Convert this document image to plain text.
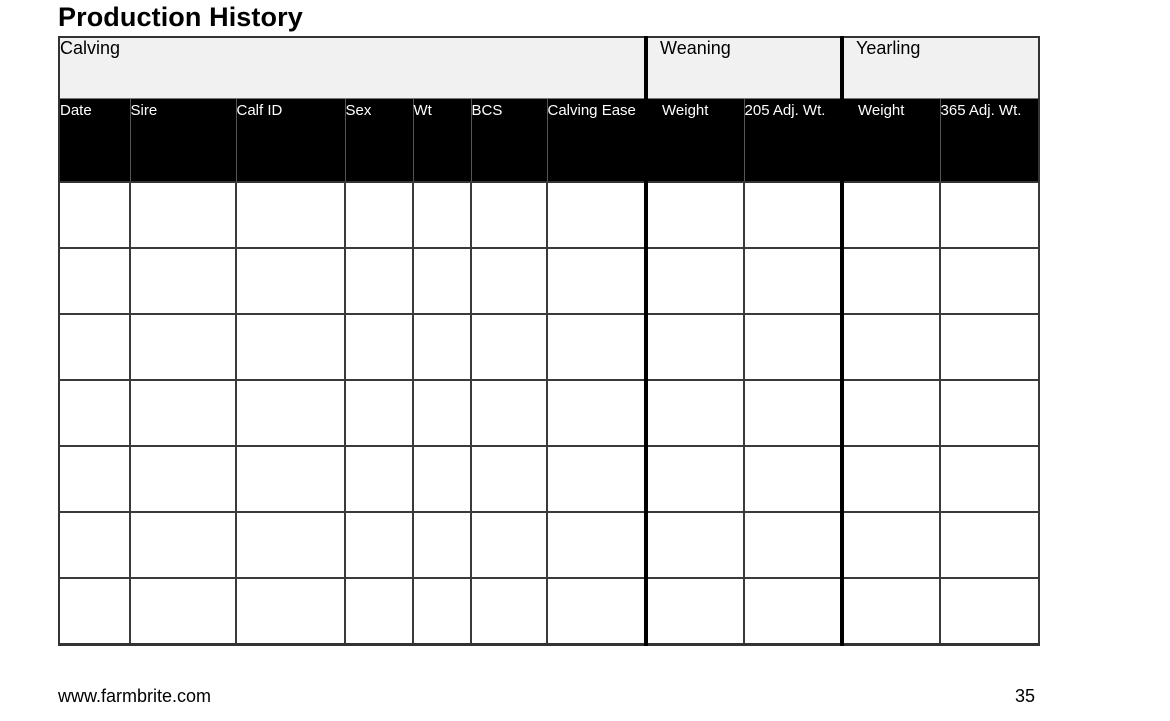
Production History
Calving							Weaning		Yearling	
Date	Sire	Calf ID	Sex	Wt	BCS	Calving Ease	Weight	205 Adj. Wt.	Weight	365 Adj. Wt.

www.farmbrite.com	35
